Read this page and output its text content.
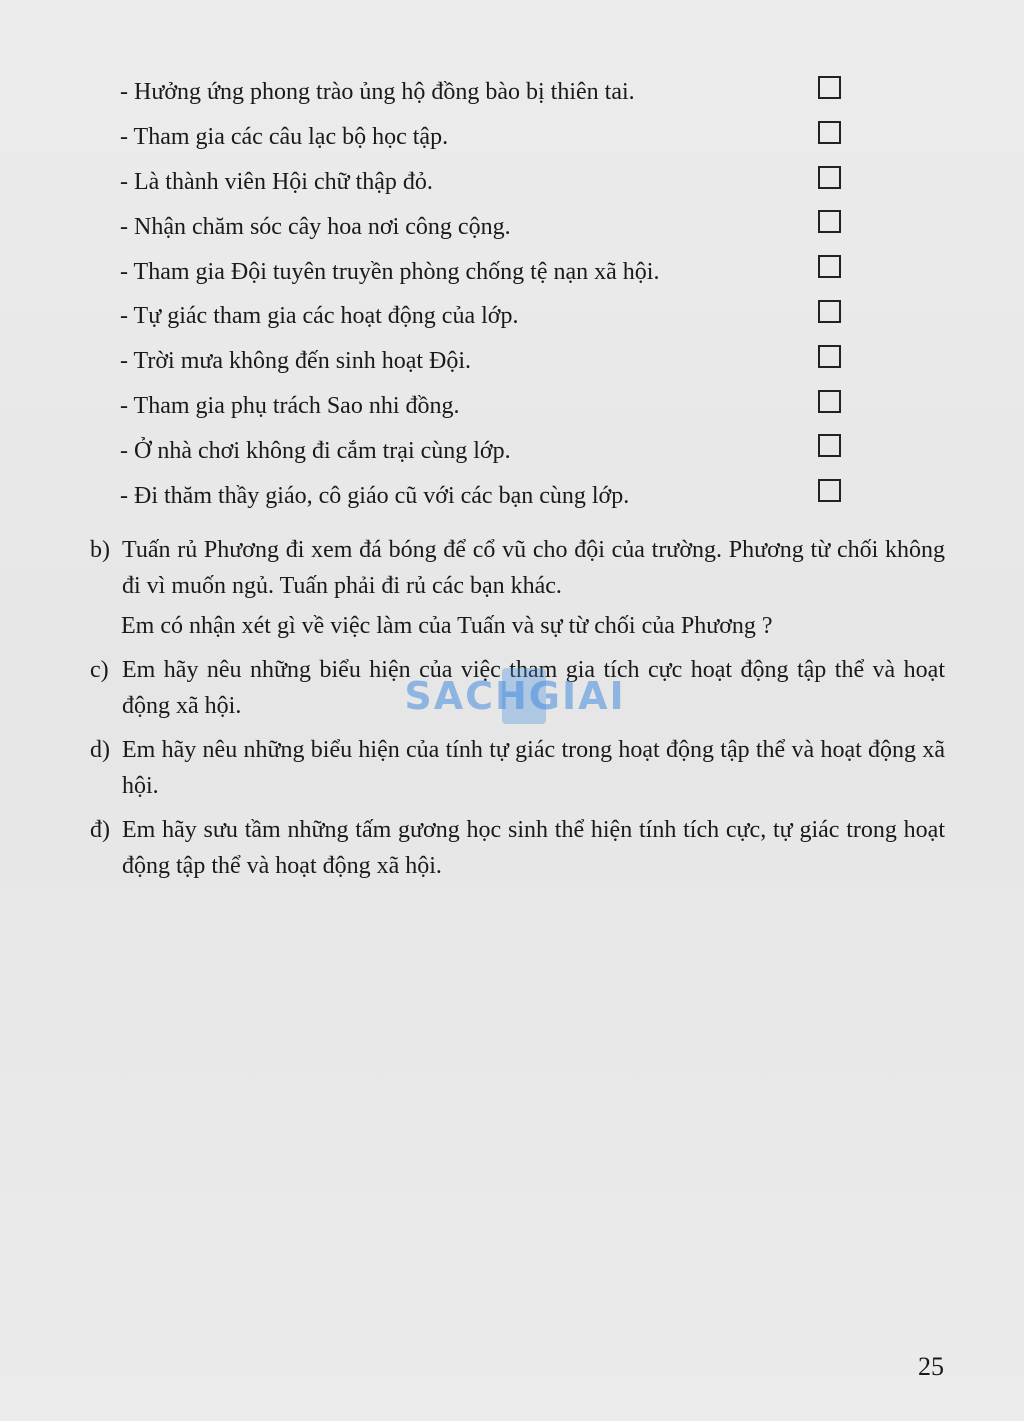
- Hưởng ứng phong trào ủng hộ đồng bào bị thiên tai.
- Tham gia các câu lạc bộ học tập.
- Là thành viên Hội chữ thập đỏ.
- Nhận chăm sóc cây hoa nơi công cộng.
- Tham gia Đội tuyên truyền phòng chống tệ nạn xã hội.
- Tự giác tham gia các hoạt động của lớp.
- Trời mưa không đến sinh hoạt Đội.
- Tham gia phụ trách Sao nhi đồng.
- Ở nhà chơi không đi cắm trại cùng lớp.
- Đi thăm thầy giáo, cô giáo cũ với các bạn cùng lớp.
b) Tuấn rủ Phương đi xem đá bóng để cổ vũ cho đội của trường. Phương từ chối không đi vì muốn ngủ. Tuấn phải đi rủ các bạn khác.
Em có nhận xét gì về việc làm của Tuấn và sự từ chối của Phương ?
c) Em hãy nêu những biểu hiện của việc tham gia tích cực hoạt động tập thể và hoạt động xã hội.
d) Em hãy nêu những biểu hiện của tính tự giác trong hoạt động tập thể và hoạt động xã hội.
đ) Em hãy sưu tầm những tấm gương học sinh thể hiện tính tích cực, tự giác trong hoạt động tập thể và hoạt động xã hội.
SACHGIAI
25
